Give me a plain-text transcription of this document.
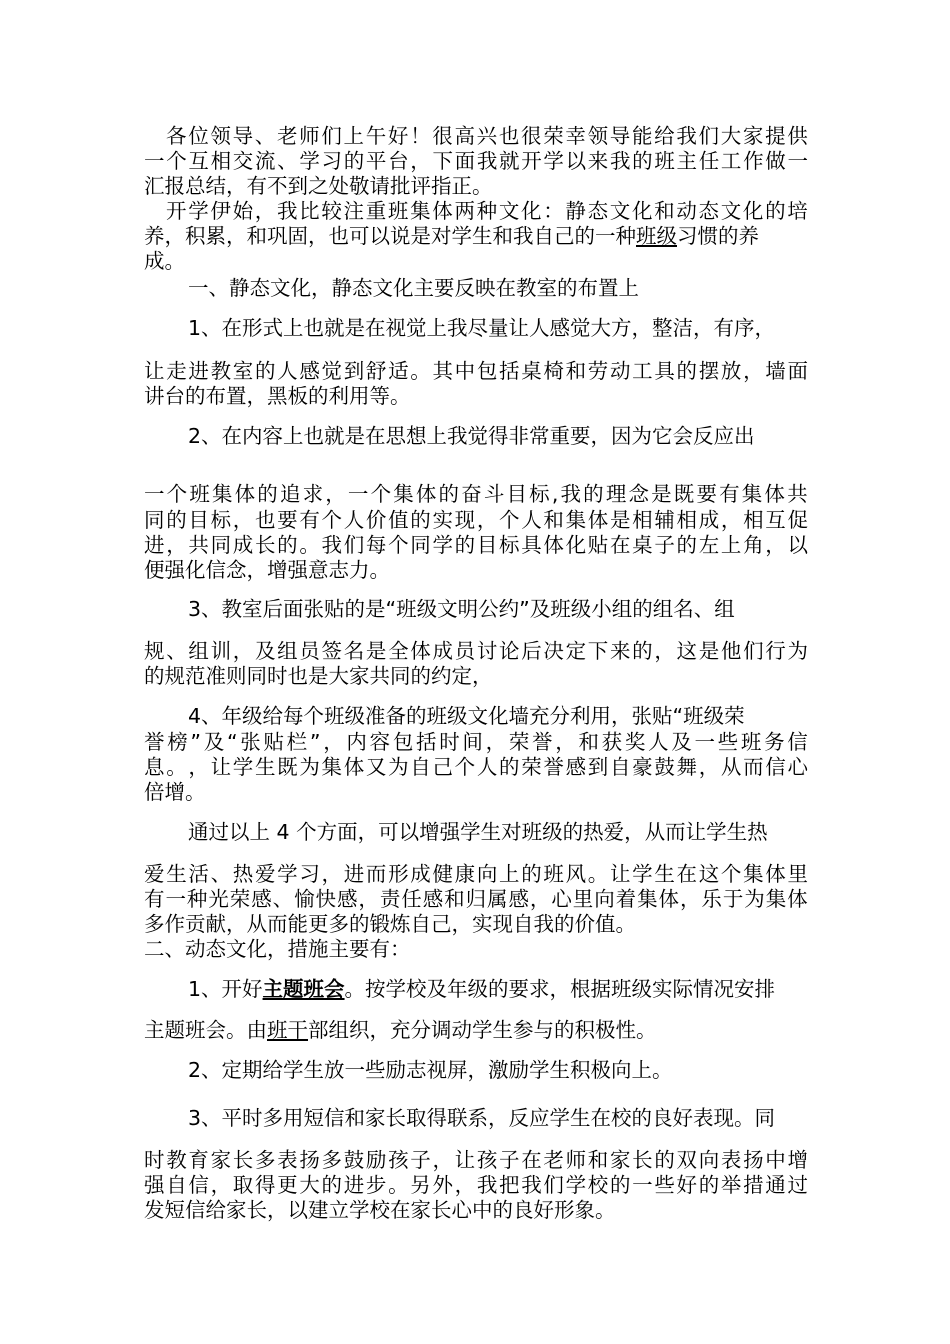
各 位 领 导 、 老 师 们 上 午 好 ！ 很 高 兴 也 很 荣 幸 领 导 能 给 我 们 大 家 提 供
一 个 互 相 交 流 、 学 习 的 平 台 ， 下 面 我 就 开 学 以 来 我 的 班 主 任 工 作 做 一
汇报总结，有不到之处敬请批评指正。
开 学 伊 始 ， 我 比 较 注 重 班 集 体 两 种 文 化 ： 静 态 文 化 和 动 态 文 化 的 培
养，积累，和巩固，也可以说是对学生和我自己的一种班级习惯的养
成。
一、静态文化，静态文化主要反映在教室的布置上
1、在形式上也就是在视觉上我尽量让人感觉大方，整洁，有序，
让 走 进 教 室 的 人 感 觉 到 舒 适 。 其 中 包 括 桌 椅 和 劳 动 工 具 的 摆 放 ， 墙 面
讲台的布置，黑板的利用等。
2、在内容上也就是在思想上我觉得非常重要，因为它会反应出
一 个 班 集 体 的 追 求 ， 一 个 集 体 的 奋 斗 目 标 , 我 的 理 念 是 既 要 有 集 体 共
同 的 目 标 ， 也 要 有 个 人 价 值 的 实 现 ， 个 人 和 集 体 是 相 辅 相 成 ， 相 互 促
进 ， 共 同 成 长 的 。 我 们 每 个 同 学 的 目 标 具 体 化 贴 在 桌 子 的 左 上 角 ， 以
便强化信念，增强意志力。
3、教室后面张贴的是“班级文明公约”及班级小组的组名、组
规 、 组 训 ， 及 组 员 签 名 是 全 体 成 员 讨 论 后 决 定 下 来 的 ， 这 是 他 们 行 为
的规范准则同时也是大家共同的约定，
4、年级给每个班级准备的班级文化墙充分利用，张贴“班级荣
誉 榜 ” 及 “ 张 贴 栏 ” ， 内 容 包 括 时 间 ， 荣 誉 ， 和 获 奖 人 及 一 些 班 务 信
息 。 ， 让 学 生 既 为 集 体 又 为 自 己 个 人 的 荣 誉 感 到 自 豪 鼓 舞 ， 从 而 信 心
倍增。
通过以上 4 个方面，可以增强学生对班级的热爱，从而让学生热
爱 生 活 、 热 爱 学 习 ， 进 而 形 成 健 康 向 上 的 班 风 。 让 学 生 在 这 个 集 体 里
有 一 种 光 荣 感 、 愉 快 感 ， 责 任 感 和 归 属 感 ， 心 里 向 着 集 体 ， 乐 于 为 集 体
多作贡献，从而能更多的锻炼自己，实现自我的价值。
二、动态文化，措施主要有：
1、开好主题班会。按学校及年级的要求，根据班级实际情况安排
主题班会。由班干部组织，充分调动学生参与的积极性。
2、定期给学生放一些励志视屏，激励学生积极向上。
3、平时多用短信和家长取得联系，反应学生在校的良好表现。同
时 教 育 家 长 多 表 扬 多 鼓 励 孩 子 ， 让 孩 子 在 老 师 和 家 长 的 双 向 表 扬 中 增
强 自 信 ， 取 得 更 大 的 进 步 。 另 外 ， 我 把 我 们 学 校 的 一 些 好 的 举 措 通 过
发短信给家长，以建立学校在家长心中的良好形象。
